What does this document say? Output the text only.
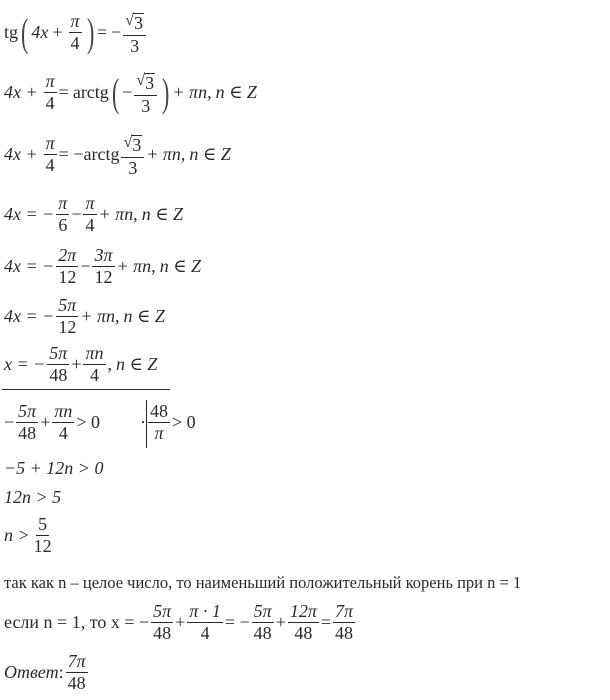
tg ( $4x + \frac{\pi}{4}$ ) = − $\frac{√ 3}{3}$
$4x + \frac{\pi}{4}$ = arctg ( − $\frac{√ 3}{3}$ ) + πn, n ∈ Z
$4x + \frac{\pi}{4}$ = −arctg $\frac{√ 3}{3} + \pi n$, n ∈ Z
4x = − $\frac{\pi}{6} - \frac{\pi}{4} + \pi n$, n ∈ Z
4x = − $\frac{2\pi}{12} - \frac{3\pi}{12} + \pi n$, n ∈ Z
4x = − $\frac{5\pi}{12} + \pi n$, n ∈ Z
x = − $\frac{5\pi}{48} + \frac{\pi n}{4}$ , n ∈ Z
− $\frac{5\pi}{48} + \frac{\pi n}{4} > 0 \cdot \frac{48}{\pi} > 0$
−5 + 12n > 0
12n > 5
$n > \frac{5}{12}$
так как n – целое число, то наименьший положительный корень при n = 1
если n = 1, то x = − $\frac{5\pi}{48} + \frac{\pi \cdot 1}{4}$ = − $\frac{5\pi}{48} + \frac{12\pi}{48} = \frac{7\pi}{48}$
Ответ : $\frac{7\pi}{48}$
